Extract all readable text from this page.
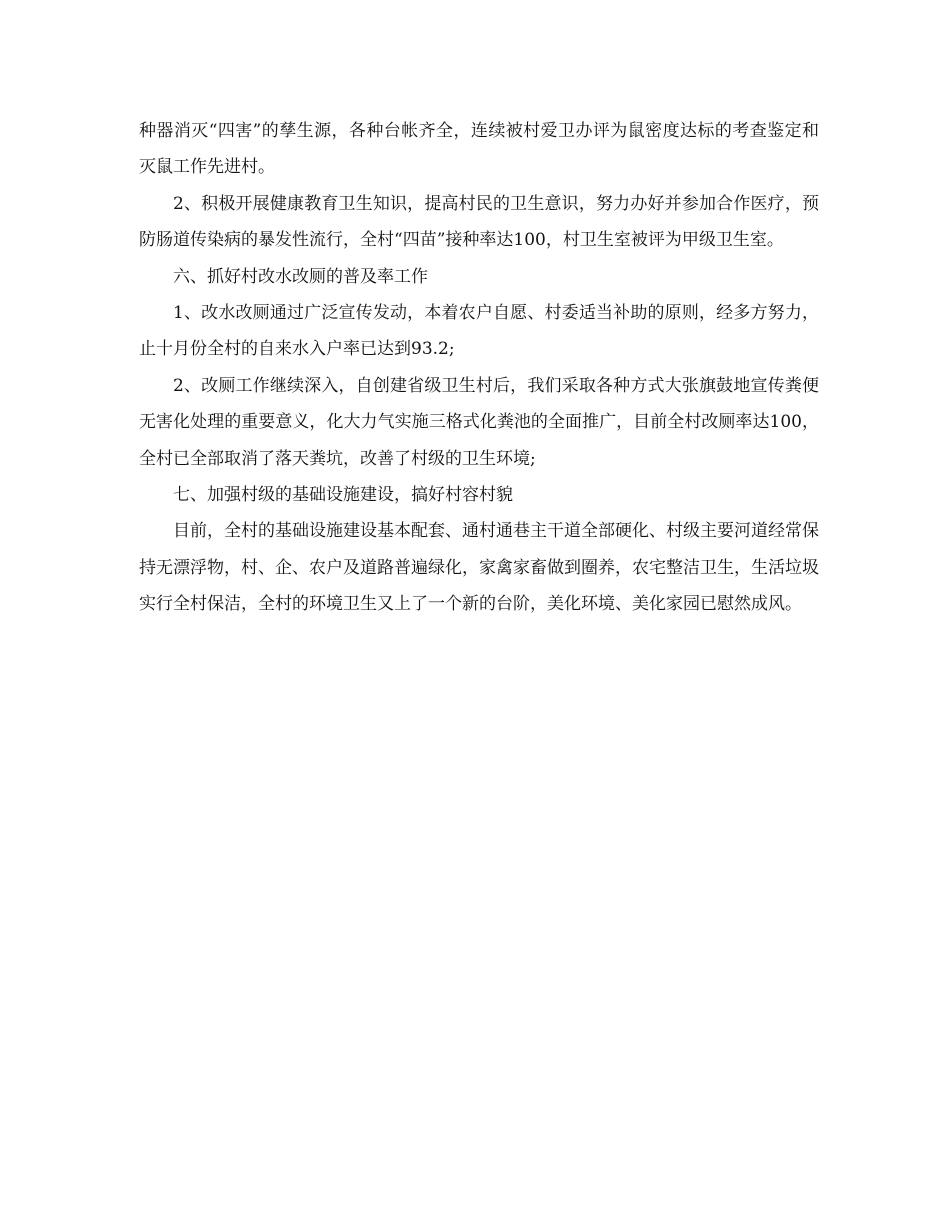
种器消灭“四害”的孳生源，各种台帐齐全，连续被村爱卫办评为鼠密度达标的考查鉴定和灭鼠工作先进村。

2、积极开展健康教育卫生知识，提高村民的卫生意识，努力办好并参加合作医疗，预防肠道传染病的暴发性流行，全村“四苗”接种率达100，村卫生室被评为甲级卫生室。

六、抓好村改水改厕的普及率工作

1、改水改厕通过广泛宣传发动，本着农户自愿、村委适当补助的原则，经多方努力，止十月份全村的自来水入户率已达到93.2;

2、改厕工作继续深入，自创建省级卫生村后，我们采取各种方式大张旗鼓地宣传粪便无害化处理的重要意义，化大力气实施三格式化粪池的全面推广，目前全村改厕率达100，全村已全部取消了落天粪坑，改善了村级的卫生环境;

七、加强村级的基础设施建设，搞好村容村貌

目前，全村的基础设施建设基本配套、通村通巷主干道全部硬化、村级主要河道经常保持无漂浮物，村、企、农户及道路普遍绿化，家禽家畜做到圈养，农宅整洁卫生，生活垃圾实行全村保洁，全村的环境卫生又上了一个新的台阶，美化环境、美化家园已慰然成风。
